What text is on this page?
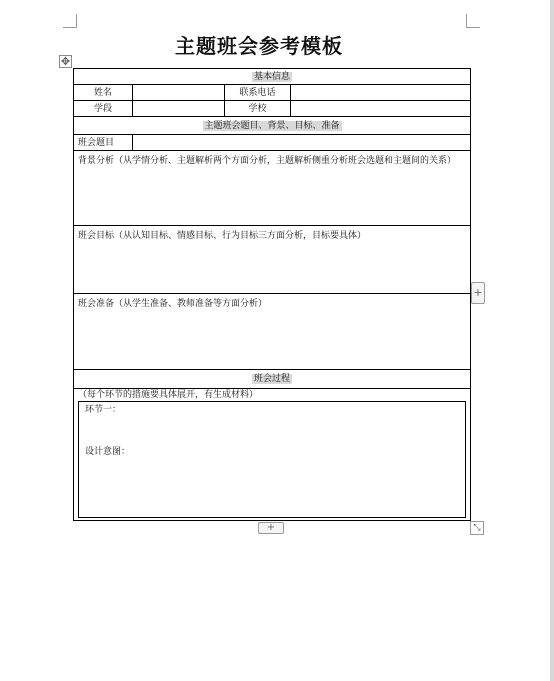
主题班会参考模板
✥
基本信息			
姓名		联系电话	
学段		学校	
主题班会题目、背景、目标、准备			
班会题目			
背景分析（从学情分析、主题解析两个方面分析，主题解析侧重分析班会选题和主题间的关系）			
班会目标（从认知目标、情感目标、行为目标三方面分析，目标要具体）			
班会准备（从学生准备、教师准备等方面分析）			
班会过程			

（每个环节的措施要具体展开，有生成材料）
环节一：
设计意图：			
+
+	⤡
